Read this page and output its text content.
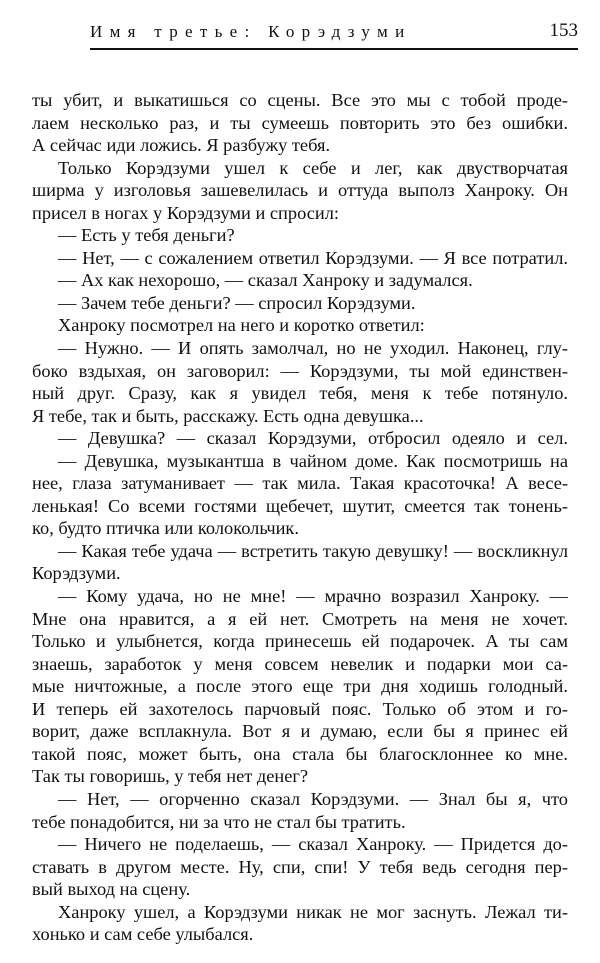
Имя третье: Корэдзуми	153
ты убит, и выкатишься со сцены. Все это мы с тобой проде-
лаем несколько раз, и ты сумеешь повторить это без ошибки.
А сейчас иди ложись. Я разбужу тебя.
Только Корэдзуми ушел к себе и лег, как двустворчатая
ширма у изголовья зашевелилась и оттуда выполз Ханроку. Он
присел в ногах у Корэдзуми и спросил:
— Есть у тебя деньги?
— Нет, — с сожалением ответил Корэдзуми. — Я все потратил.
— Ах как нехорошо, — сказал Ханроку и задумался.
— Зачем тебе деньги? — спросил Корэдзуми.
Ханроку посмотрел на него и коротко ответил:
— Нужно. — И опять замолчал, но не уходил. Наконец, глу-
боко вздыхая, он заговорил: — Корэдзуми, ты мой единствен-
ный друг. Сразу, как я увидел тебя, меня к тебе потянуло.
Я тебе, так и быть, расскажу. Есть одна девушка...
— Девушка? — сказал Корэдзуми, отбросил одеяло и сел.
— Девушка, музыкантша в чайном доме. Как посмотришь на
нее, глаза затуманивает — так мила. Такая красоточка! А весе-
ленькая! Со всеми гостями щебечет, шутит, смеется так тонень-
ко, будто птичка или колокольчик.
— Какая тебе удача — встретить такую девушку! — воскликнул
Корэдзуми.
— Кому удача, но не мне! — мрачно возразил Ханроку. —
Мне она нравится, а я ей нет. Смотреть на меня не хочет.
Только и улыбнется, когда принесешь ей подарочек. А ты сам
знаешь, заработок у меня совсем невелик и подарки мои са-
мые ничтожные, а после этого еще три дня ходишь голодный.
И теперь ей захотелось парчовый пояс. Только об этом и го-
ворит, даже всплакнула. Вот я и думаю, если бы я принес ей
такой пояс, может быть, она стала бы благосклоннее ко мне.
Так ты говоришь, у тебя нет денег?
— Нет, — огорченно сказал Корэдзуми. — Знал бы я, что
тебе понадобится, ни за что не стал бы тратить.
— Ничего не поделаешь, — сказал Ханроку. — Придется до-
ставать в другом месте. Ну, спи, спи! У тебя ведь сегодня пер-
вый выход на сцену.
Ханроку ушел, а Корэдзуми никак не мог заснуть. Лежал ти-
хонько и сам себе улыбался.
